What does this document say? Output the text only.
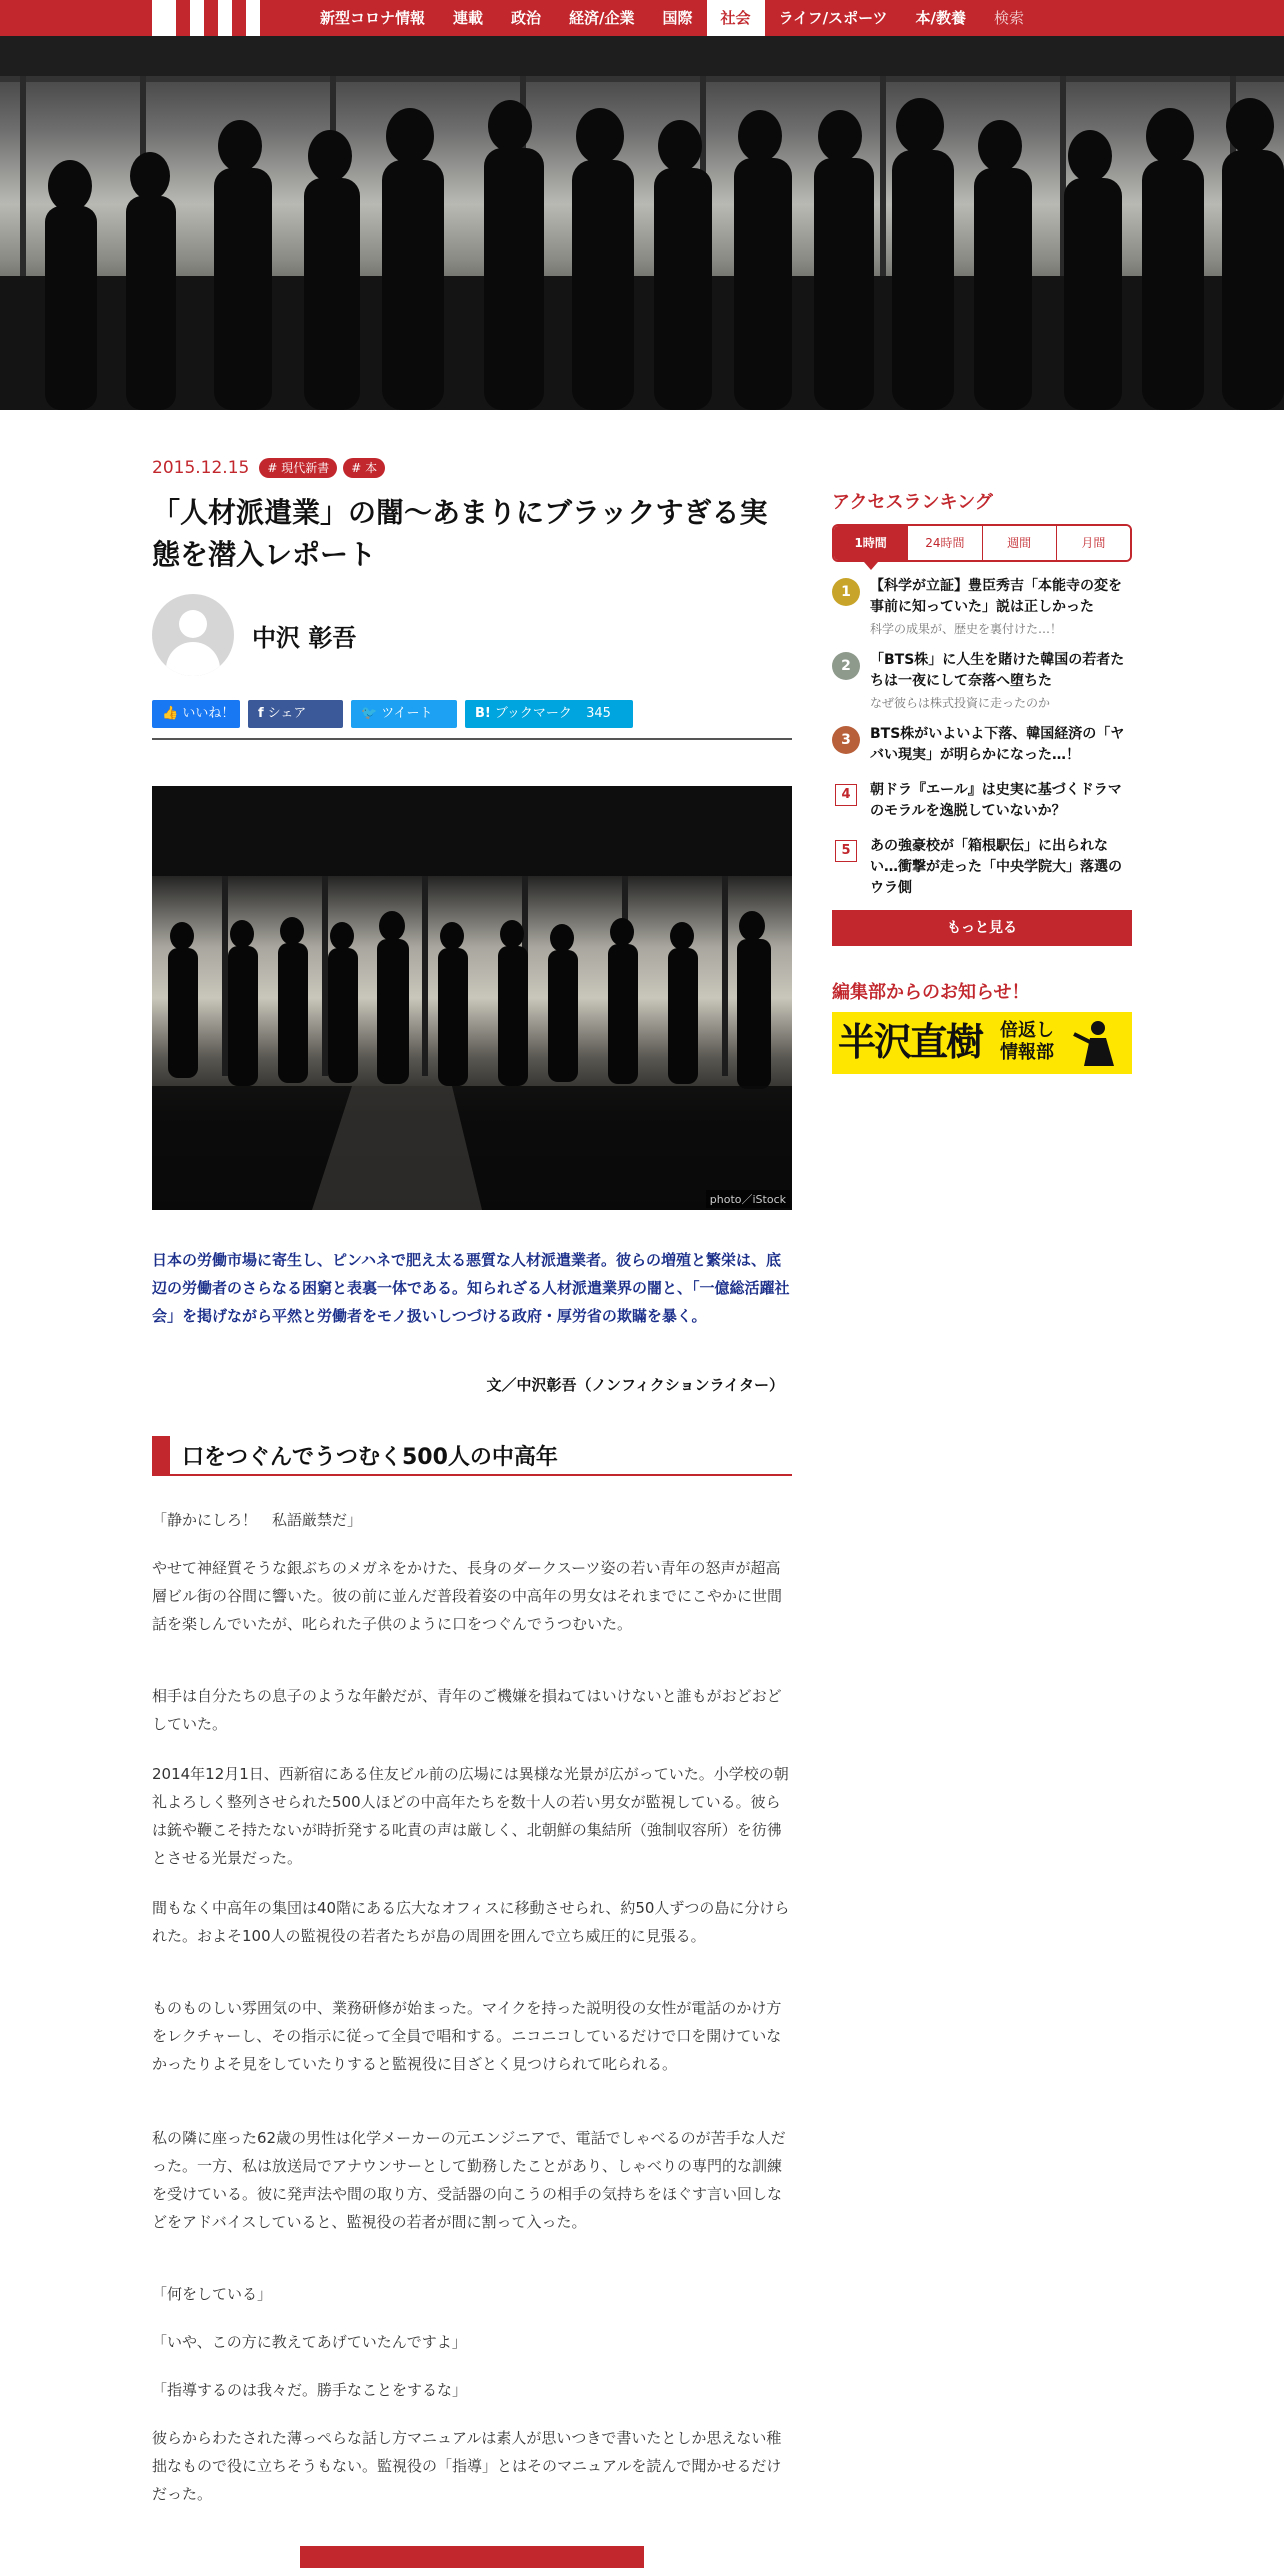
新型コロナ情報	連載	政治	経済/企業	国際	社会	ライフ/スポーツ	本/教養	検索
2015.12.15	# 現代新書	# 本
「人材派遣業」の闇〜あまりにブラックすぎる実態を潜入レポート
中沢 彰吾
👍 いいね！	f シェア	🐦 ツイート	B! ブックマーク 345
photo／iStock

日本の労働市場に寄生し、ピンハネで肥え太る悪質な人材派遣業者。彼らの増殖と繁栄は、底辺の労働者のさらなる困窮と表裏一体である。知られざる人材派遣業界の闇と、「一億総活躍社会」を掲げながら平然と労働者をモノ扱いしつづける政府・厚労省の欺瞞を暴く。

文／中沢彰吾（ノンフィクションライター）

口をつぐんでうつむく500人の中高年

「静かにしろ！　私語厳禁だ」

やせて神経質そうな銀ぶちのメガネをかけた、長身のダークスーツ姿の若い青年の怒声が超高層ビル街の谷間に響いた。彼の前に並んだ普段着姿の中高年の男女はそれまでにこやかに世間話を楽しんでいたが、叱られた子供のように口をつぐんでうつむいた。

相手は自分たちの息子のような年齢だが、青年のご機嫌を損ねてはいけないと誰もがおどおどしていた。

2014年12月1日、西新宿にある住友ビル前の広場には異様な光景が広がっていた。小学校の朝礼よろしく整列させられた500人ほどの中高年たちを数十人の若い男女が監視している。彼らは銃や鞭こそ持たないが時折発する叱責の声は厳しく、北朝鮮の集結所（強制収容所）を彷彿とさせる光景だった。

間もなく中高年の集団は40階にある広大なオフィスに移動させられ、約50人ずつの島に分けられた。およそ100人の監視役の若者たちが島の周囲を囲んで立ち威圧的に見張る。

ものものしい雰囲気の中、業務研修が始まった。マイクを持った説明役の女性が電話のかけ方をレクチャーし、その指示に従って全員で唱和する。ニコニコしているだけで口を開けていなかったりよそ見をしていたりすると監視役に目ざとく見つけられて叱られる。

私の隣に座った62歳の男性は化学メーカーの元エンジニアで、電話でしゃべるのが苦手な人だった。一方、私は放送局でアナウンサーとして勤務したことがあり、しゃべりの専門的な訓練を受けている。彼に発声法や間の取り方、受話器の向こうの相手の気持ちをほぐす言い回しなどをアドバイスしていると、監視役の若者が間に割って入った。

「何をしている」

「いや、この方に教えてあげていたんですよ」

「指導するのは我々だ。勝手なことをするな」

彼らからわたされた薄っぺらな話し方マニュアルは素人が思いつきで書いたとしか思えない稚拙なもので役に立ちそうもない。監視役の「指導」とはそのマニュアルを読んで聞かせるだけだった。

アクセスランキング
1時間	24時間	週間	月間
1	【科学が立証】豊臣秀吉「本能寺の変を事前に知っていた」説は正しかった
科学の成果が、歴史を裏付けた…！
2	「BTS株」に人生を賭けた韓国の若者たちは一夜にして奈落へ堕ちた
なぜ彼らは株式投資に走ったのか
3	BTS株がいよいよ下落、韓国経済の「ヤバい現実」が明らかになった…！
4	朝ドラ『エール』は史実に基づくドラマのモラルを逸脱していないか？
5	あの強豪校が「箱根駅伝」に出られない…衝撃が走った「中央学院大」落選のウラ側
もっと見る
編集部からのお知らせ！
半沢直樹 倍返し情報部
